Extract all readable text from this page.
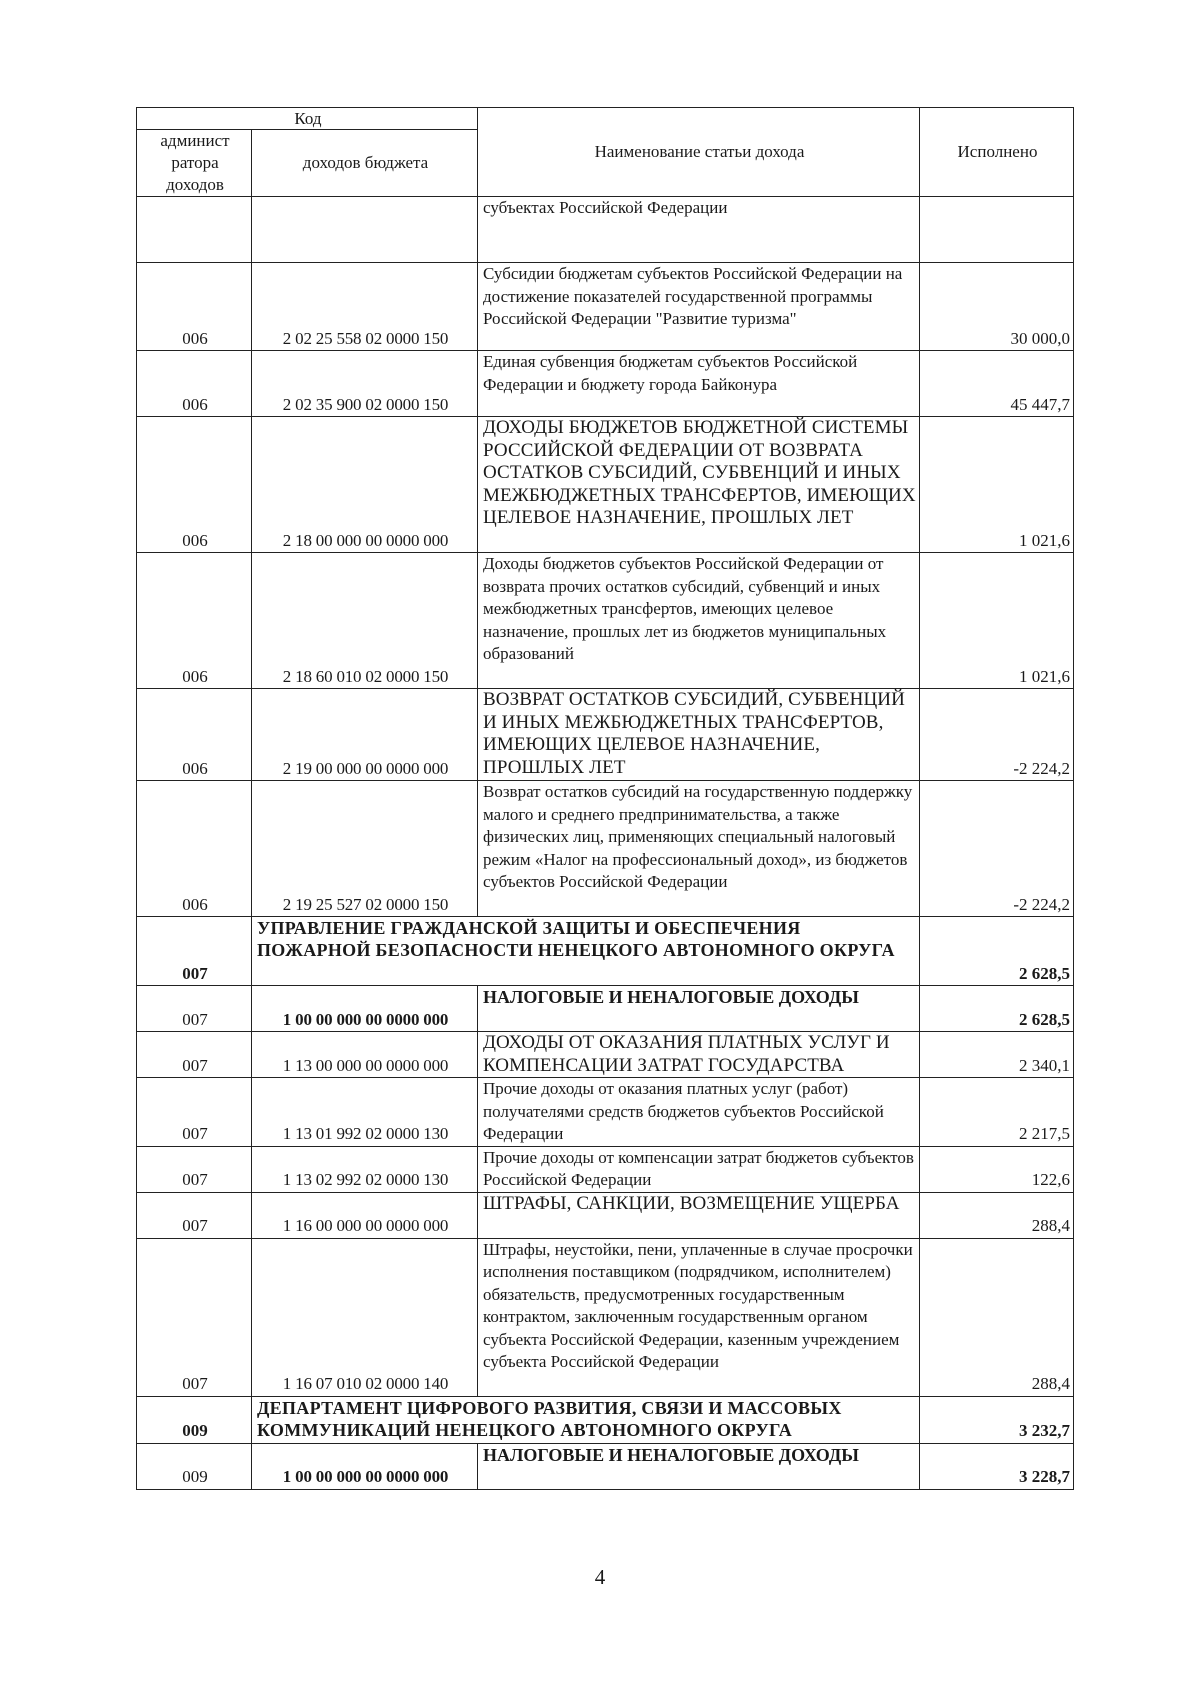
Код		Наименование статьи дохода	Исполнено
админист
ратора
доходов	доходов бюджета		
		субъектах Российской Федерации	
006	2 02 25 558 02 0000 150	Субсидии бюджетам субъектов Российской Федерации на достижение показателей государственной программы Российской Федерации "Развитие туризма"	30 000,0
006	2 02 35 900 02 0000 150	Единая субвенция бюджетам субъектов Российской Федерации и бюджету города Байконура	45 447,7
006	2 18 00 000 00 0000 000	ДОХОДЫ БЮДЖЕТОВ БЮДЖЕТНОЙ СИСТЕМЫ РОССИЙСКОЙ ФЕДЕРАЦИИ ОТ ВОЗВРАТА ОСТАТКОВ СУБСИДИЙ, СУБВЕНЦИЙ И ИНЫХ МЕЖБЮДЖЕТНЫХ ТРАНСФЕРТОВ, ИМЕЮЩИХ ЦЕЛЕВОЕ НАЗНАЧЕНИЕ, ПРОШЛЫХ ЛЕТ	1 021,6
006	2 18 60 010 02 0000 150	Доходы бюджетов субъектов Российской Федерации от возврата прочих остатков субсидий, субвенций и иных межбюджетных трансфертов, имеющих целевое назначение, прошлых лет из бюджетов муниципальных образований	1 021,6
006	2 19 00 000 00 0000 000	ВОЗВРАТ ОСТАТКОВ СУБСИДИЙ, СУБВЕНЦИЙ И ИНЫХ МЕЖБЮДЖЕТНЫХ ТРАНСФЕРТОВ, ИМЕЮЩИХ ЦЕЛЕВОЕ НАЗНАЧЕНИЕ, ПРОШЛЫХ ЛЕТ	-2 224,2
006	2 19 25 527 02 0000 150	Возврат остатков субсидий на государственную поддержку малого и среднего предпринимательства, а также физических лиц, применяющих специальный налоговый режим «Налог на профессиональный доход», из бюджетов субъектов Российской Федерации	-2 224,2
007	УПРАВЛЕНИЕ ГРАЖДАНСКОЙ ЗАЩИТЫ И ОБЕСПЕЧЕНИЯ ПОЖАРНОЙ БЕЗОПАСНОСТИ НЕНЕЦКОГО АВТОНОМНОГО ОКРУГА		2 628,5
007	1 00 00 000 00 0000 000	НАЛОГОВЫЕ И НЕНАЛОГОВЫЕ ДОХОДЫ	2 628,5
007	1 13 00 000 00 0000 000	ДОХОДЫ ОТ ОКАЗАНИЯ ПЛАТНЫХ УСЛУГ И КОМПЕНСАЦИИ ЗАТРАТ ГОСУДАРСТВА	2 340,1
007	1 13 01 992 02 0000 130	Прочие доходы от оказания платных услуг (работ) получателями средств бюджетов субъектов Российской Федерации	2 217,5
007	1 13 02 992 02 0000 130	Прочие доходы от компенсации затрат бюджетов субъектов Российской Федерации	122,6
007	1 16 00 000 00 0000 000	ШТРАФЫ, САНКЦИИ, ВОЗМЕЩЕНИЕ УЩЕРБА	288,4
007	1 16 07 010 02 0000 140	Штрафы, неустойки, пени, уплаченные в случае просрочки исполнения поставщиком (подрядчиком, исполнителем) обязательств, предусмотренных государственным контрактом, заключенным государственным органом субъекта Российской Федерации, казенным учреждением субъекта Российской Федерации	288,4
009	ДЕПАРТАМЕНТ ЦИФРОВОГО РАЗВИТИЯ, СВЯЗИ И МАССОВЫХ КОММУНИКАЦИЙ НЕНЕЦКОГО АВТОНОМНОГО ОКРУГА		3 232,7
009	1 00 00 000 00 0000 000	НАЛОГОВЫЕ И НЕНАЛОГОВЫЕ ДОХОДЫ	3 228,7
4
